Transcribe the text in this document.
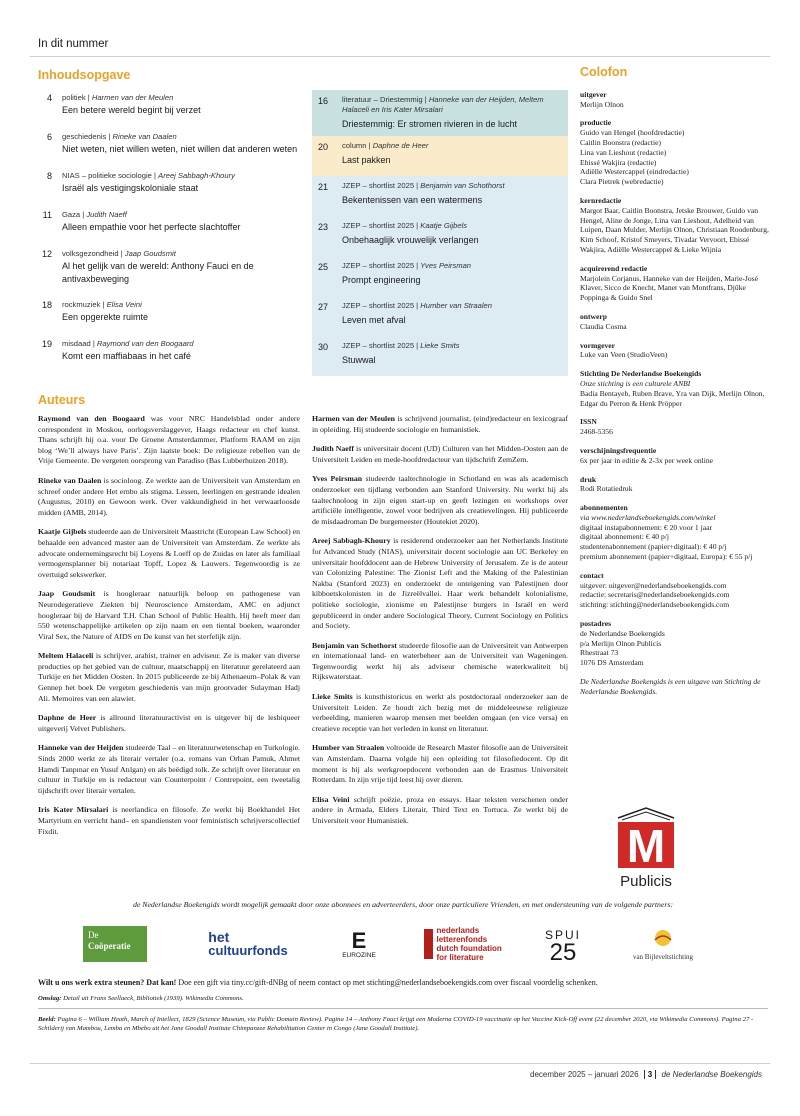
In dit nummer
Inhoudsopgave
4	politiek | Harmen van der Meulen
Een betere wereld begint bij verzet
6	geschiedenis | Rineke van Daalen
Niet weten, niet willen weten, niet willen dat anderen weten
8	NIAS – politieke sociologie | Areej Sabbagh-Khoury
Israël als vestigingskoloniale staat
11	Gaza | Judith Naeff
Alleen empathie voor het perfecte slachtoffer
12	volksgezondheid | Jaap Goudsmit
Al het gelijk van de wereld: Anthony Fauci en de antivaxbeweging
18	rockmuziek | Elisa Veini
Een opgerekte ruimte
19	misdaad | Raymond van den Boogaard
Komt een maffiabaas in het café
16	literatuur – Driestemmig | Hanneke van der Heijden, Meltem Halaceli en Iris Kater Mirsalari
Driestemmig: Er stromen rivieren in de lucht
20	column | Daphne de Heer
Last pakken
21	JZEP – shortlist 2025 | Benjamin van Schothorst
Bekentenissen van een watermens
23	JZEP – shortlist 2025 | Kaatje Gijbels
Onbehaaglijk vrouwelijk verlangen
25	JZEP – shortlist 2025 | Yves Peirsman
Prompt engineering
27	JZEP – shortlist 2025 | Humber van Straalen
Leven met afval
30	JZEP – shortlist 2025 | Lieke Smits
Stuwwal
Colofon
uitgever
Merlijn Olnon
productie
Guido van Hengel (hoofdredactie)
Caitlin Boonstra (redactie)
Lina van Lieshout (redactie)
Ebissé Wakjira (redactie)
Adiëlle Westercappel (eindredactie)
Clara Pietrek (webredactie)
kernredactie
Margot Baar, Caitlin Boonstra, Jetske Brouwer, Guido van Hengel, Aline de Jonge, Lina van Lieshout, Adelheid van Luipen, Daan Mulder, Merlijn Olnon, Christiaan Roodenburg, Kim Schoof, Kristof Smeyers, Tivadar Vervoort, Ebissé Wakjira, Adiëlle Westercappel & Lieke Wijnia
acquirerend redactie
Marjolein Corjanus, Hanneke van der Heijden, Marie-José Klaver, Sicco de Knecht, Manet van Montfrans, Djûke Poppinga & Guido Snel
ontwerp
Claudia Cosma
vormgever
Luke van Veen (StudioVeen)
Stichting De Nederlandse Boekengids
Onze stichting is een culturele ANBI
Badia Bentayeb, Ruben Brave, Yra van Dijk, Merlijn Olnon, Edgar du Perron & Henk Pröpper
ISSN
2468-5356
verschijningsfrequentie
6x per jaar in editie & 2-3x per week online
druk
Rodi Rotatiedruk
abonnementen
via www.nederlandseboekengids.com/winkel
digitaal instapabonnement: € 20 voor 1 jaar
digitaal abonnement: € 40 p/j
studentenabonnement (papier+digitaal): € 40 p/j
premium abonnement (papier+digitaal, Europa): € 55 p/j
contact
uitgever: uitgever@nederlandseboekengids.com
redactie: secretaris@nederlandseboekengids.com
stichting: stichting@nederlandseboekengids.com
postadres
de Nederlandse Boekengids
p/a Merlijn Olnon Publicis
Rhestraat 73
1076 DS Amsterdam
De Nederlandse Boekengids is een uitgave van Stichting de Nederlandse Boekengids.
Auteurs
Raymond van den Boogaard was voor NRC Handelsblad onder andere correspondent in Moskou, oorlogsverslaggever, Haags redacteur en chef kunst. Thans schrijft hij o.a. voor De Groene Amsterdammer, Platform RAAM en zijn blog ‘We’ll always have Paris’. Zijn laatste boek: De religieuze rebellen van de Vrije Gemeente. De vergeten oorsprong van Paradiso (Bas Lubberhuizen 2018).
Rineke van Daalen is socioloog. Ze werkte aan de Universiteit van Amsterdam en schreef onder andere Het ernbo als stigma. Lessen, leerlingen en gestrande idealen (Augustus, 2010) en Gewoon werk. Over vakkundigheid in het verwaarloosde midden (AMB, 2014).
Kaatje Gijbels studeerde aan de Universiteit Maastricht (European Law School) en behaalde een advanced master aan de Universiteit van Amsterdam. Ze werkte als advocate ondernemingsrecht bij Loyens & Loeff op de Zuidas en later als familiaal vermogensplanner bij notariaat Topff, Lopez & Lauwers. Tegenwoordig is ze overtuigd sekswerker.
Jaap Goudsmit is hoogleraar natuurlijk beloop en pathogenese van Neurodegeratieve Ziekten bij Neuroscience Amsterdam, AMC en adjunct hoogleraar bij de Harvard T.H. Chan School of Public Health. Hij heeft meer dan 550 wetenschappelijke artikelen op zijn naam en een tiental boeken, waaronder Viral Sex, the Nature of AIDS en De kunst van het sterfelijk zijn.
Meltem Halaceli is schrijver, arabist, trainer en adviseur. Ze is maker van diverse producties op het gebied van de cultuur, maatschappij en literatuur gerelateerd aan Turkije en het Midden Oosten. In 2015 publiceerde ze bij Athenaeum–Polak & van Gennep het boek De vergeten geschiedenis van mijn grootvader Sulayman Hadj Ali. Memoires van een alawiet.
Daphne de Heer is allround literatuuractivist en is uitgever bij de lesbiqueer uitgeverij Velvet Publishers.
Hanneke van der Heijden studeerde Taal – en literatuurwetenschap en Turkologie. Sinds 2000 werkt ze als literair vertaler (o.a. romans van Orhan Pamuk, Ahmet Hamdi Tanpınar en Yusuf Atılgan) en als beëdigd tolk. Ze schrijft over literatuur en cultuur in Turkije en is redacteur van Counterpoint / Contrepoint, een tweetalig tijdschrift over literair vertalen.
Iris Kater Mirsalari is neerlandica en filosofe. Ze werkt bij Boekhandel Het Martyrium en verricht hand– en spandiensten voor feministisch schrijverscollectief Fixdit.
Harmen van der Meulen is schrijvend journalist, (eind)redacteur en lexicograaf in opleiding. Hij studeerde sociologie en humanistiek.
Judith Naeff is universitair docent (UD) Culturen van het Midden-Oosten aan de Universiteit Leiden en mede-hoofdredacteur van tijdschrift ZemZem.
Yves Peirsman studeerde taaltechnologie in Schotland en was als academisch onderzoeker een tijdlang verbonden aan Stanford University. Nu werkt hij als taaltechnoloog in zijn eigen start-up en geeft lezingen en workshops over artificiële intelligentie, zowel voor bedrijven als creatievelingen. Hij publiceerde de misdaadroman De burgemeester (Houtekiet 2020).
Areej Sabbagh-Khoury is residerend onderzoeker aan het Netherlands Institute for Advanced Study (NIAS), universitair docent sociologie aan UC Berkeley en universitair hoofddocent aan de Hebrew University of Jerusalem. Ze is de auteur van Colonizing Palestine: The Zionist Left and the Making of the Palestinian Nakba (Stanford 2023) en onderzoekt de onteigening van Palestijnen door kibboetskolonisten in de Jizreëlvallei. Haar werk behandelt kolonialisme, politieke sociologie, zionisme en Palestijnse burgers in Israël en werd gepubliceerd in onder andere Sociological Theory, Current Sociology en Politics and Society.
Benjamin van Schothorst studeerde filosofie aan de Universiteit van Antwerpen en internationaal land- en waterbeheer aan de Universiteit van Wageningen. Tegenwoordig werkt hij als adviseur chemische waterkwaliteit bij Rijkswaterstaat.
Lieke Smits is kunsthistoricus en werkt als postdoctoraal onderzoeker aan de Universiteit Leiden. Ze houdt zich bezig met de middeleeuwse religieuze verbeelding, manieren waarop mensen met beelden omgaan (en vice versa) en creatieve receptie van het verleden in kunst en literatuur.
Humber van Straalen voltooide de Research Master filosofie aan de Universiteit van Amsterdam. Daarna volgde hij een opleiding tot filosofiedocent. Op dit moment is hij als werkgroepdocent verbonden aan de Erasmus Universiteit Rotterdam. In zijn vrije tijd leest hij over dieren.
Elisa Veini schrijft poëzie, proza en essays. Haar teksten verschenen onder andere in Armada, Elders Literair, Third Text en Tortuca. Ze werkt bij de Universiteit voor Humanistiek.	M
Publicis
de Nederlandse Boekengids wordt mogelijk gemaakt door onze abonnees en adverteerders, door onze particuliere Vrienden, en met ondersteuning van de volgende partners:
De
Coöperatie
het
cultuurfonds	E
EUROZINE
nederlands letterenfonds
dutch foundation for literature
SPUI
25	van Bijleveltstichting
Wilt u ons werk extra steunen? Dat kan! Doe een gift via tiny.cc/gift-dNBg of neem contact op met stichting@nederlandseboekengids.com over fiscaal voordelig schenken.
Omslag: Detail uit Frans Seellaeck, Bibliotiek (1939). Wikimedia Commons.
Beeld: Pagina 6 – William Heath, March of Intellect, 1829 (Science Museum, via Public Domain Review). Pagina 14 – Anthony Fauci krijgt een Moderna COVID-19 vaccinatie op het Vaccine Kick-Off event (22 december 2020, via Wikimedia Commons). Pagina 27 - Schilderij van Mambou, Lemba en Mbebo uit het Jane Goodall Institute Chimpanzee Rehabilitation Center in Congo (Jane Goodall Institute).
december 2025 – januari 2026 3 de Nederlandse Boekengids
